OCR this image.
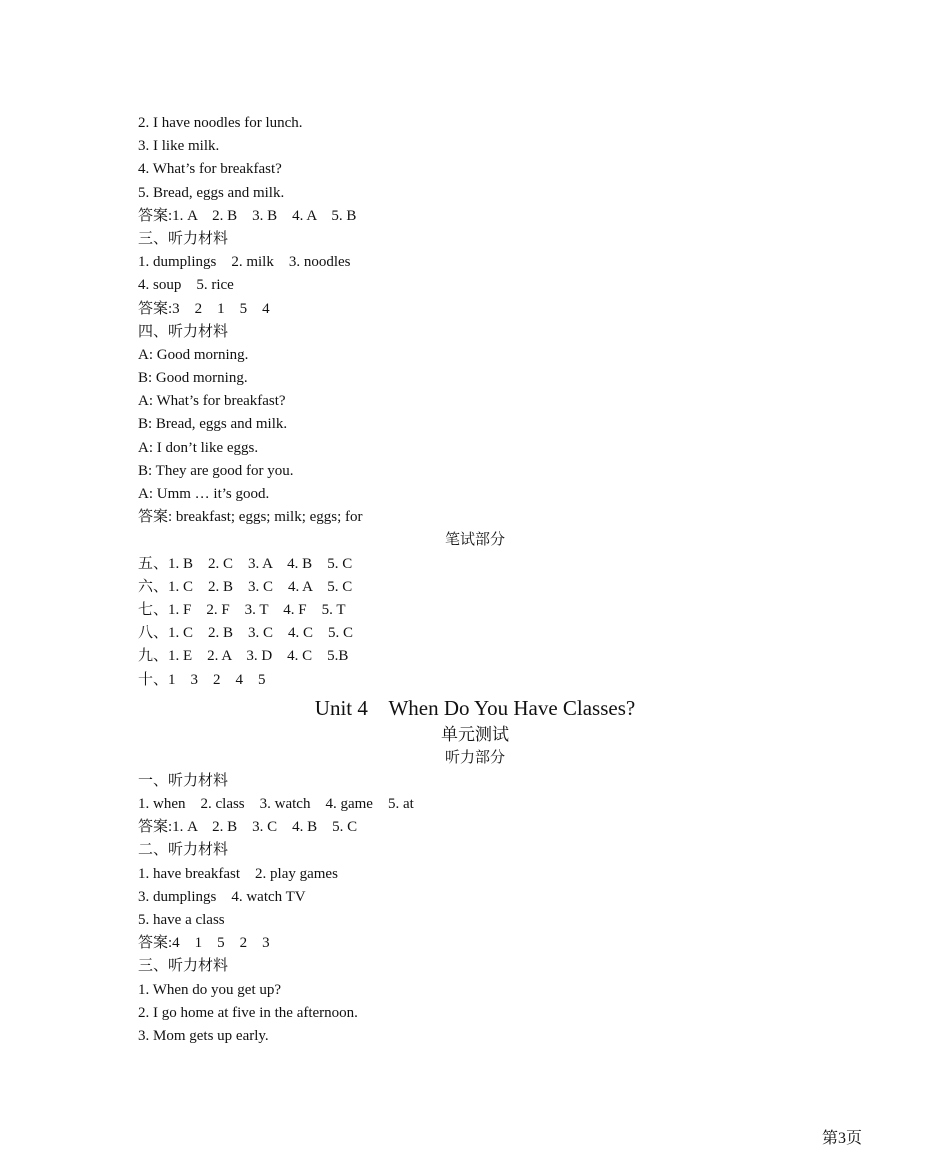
2. I have noodles for lunch.
3. I like milk.
4. What’s for breakfast?
5. Bread, eggs and milk.
答案:1. A    2. B    3. B    4. A    5. B
三、听力材料
1. dumplings    2. milk    3. noodles
4. soup    5. rice
答案:3    2    1    5    4
四、听力材料
A: Good morning.
B: Good morning.
A: What’s for breakfast?
B: Bread, eggs and milk.
A: I don’t like eggs.
B: They are good for you.
A: Umm … it’s good.
答案: breakfast; eggs; milk; eggs; for
笔试部分
五、1. B    2. C    3. A    4. B    5. C
六、1. C    2. B    3. C    4. A    5. C
七、1. F    2. F    3. T    4. F    5. T
八、1. C    2. B    3. C    4. C    5. C
九、1. E    2. A    3. D    4. C    5.B
十、1    3    2    4    5
Unit 4    When Do You Have Classes?
单元测试
听力部分
一、听力材料
1. when    2. class    3. watch    4. game    5. at
答案:1. A    2. B    3. C    4. B    5. C
二、听力材料
1. have breakfast    2. play games
3. dumplings    4. watch TV
5. have a class
答案:4    1    5    2    3
三、听力材料
1. When do you get up?
2. I go home at five in the afternoon.
3. Mom gets up early.
第3页
